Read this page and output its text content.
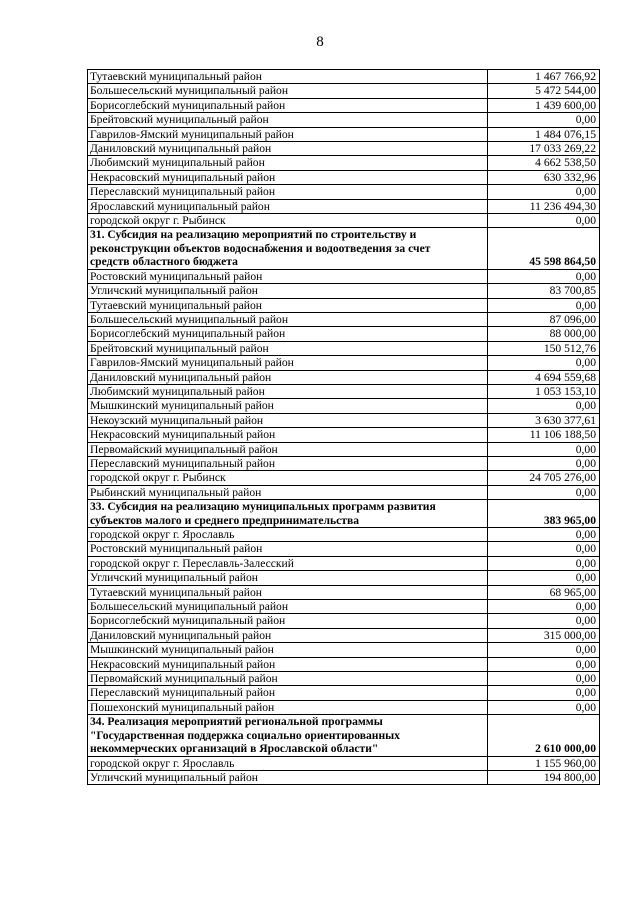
8
Тутаевский муниципальный район	1 467 766,92
Большесельский муниципальный район	5 472 544,00
Борисоглебский муниципальный район	1 439 600,00
Брейтовский муниципальный район	0,00
Гаврилов-Ямский муниципальный район	1 484 076,15
Даниловский муниципальный район	17 033 269,22
Любимский муниципальный район	4 662 538,50
Некрасовский муниципальный район	630 332,96
Переславский муниципальный район	0,00
Ярославский муниципальный район	11 236 494,30
городской округ г. Рыбинск	0,00

31. Субсидия на реализацию мероприятий по строительству и
реконструкции объектов водоснабжения и водоотведения за счет
средств областного бюджета	45 598 864,50
Ростовский муниципальный район	0,00
Угличский муниципальный район	83 700,85
Тутаевский муниципальный район	0,00
Большесельский муниципальный район	87 096,00
Борисоглебский муниципальный район	88 000,00
Брейтовский муниципальный район	150 512,76
Гаврилов-Ямский муниципальный район	0,00
Даниловский муниципальный район	4 694 559,68
Любимский муниципальный район	1 053 153,10
Мышкинский муниципальный район	0,00
Некоузский муниципальный район	3 630 377,61
Некрасовский муниципальный район	11 106 188,50
Первомайский муниципальный район	0,00
Переславский муниципальный район	0,00
городской округ г. Рыбинск	24 705 276,00
Рыбинский муниципальный район	0,00

33. Субсидия на реализацию муниципальных программ развития
субъектов малого и среднего предпринимательства	383 965,00
городской округ г. Ярославль	0,00
Ростовский муниципальный район	0,00
городской округ г. Переславль-Залесский	0,00
Угличский муниципальный район	0,00
Тутаевский муниципальный район	68 965,00
Большесельский муниципальный район	0,00
Борисоглебский муниципальный район	0,00
Даниловский муниципальный район	315 000,00
Мышкинский муниципальный район	0,00
Некрасовский муниципальный район	0,00
Первомайский муниципальный район	0,00
Переславский муниципальный район	0,00
Пошехонский муниципальный район	0,00

34. Реализация мероприятий региональной программы
"Государственная поддержка социально ориентированных
некоммерческих организаций в Ярославской области"	2 610 000,00
городской округ г. Ярославль	1 155 960,00
Угличский муниципальный район	194 800,00
